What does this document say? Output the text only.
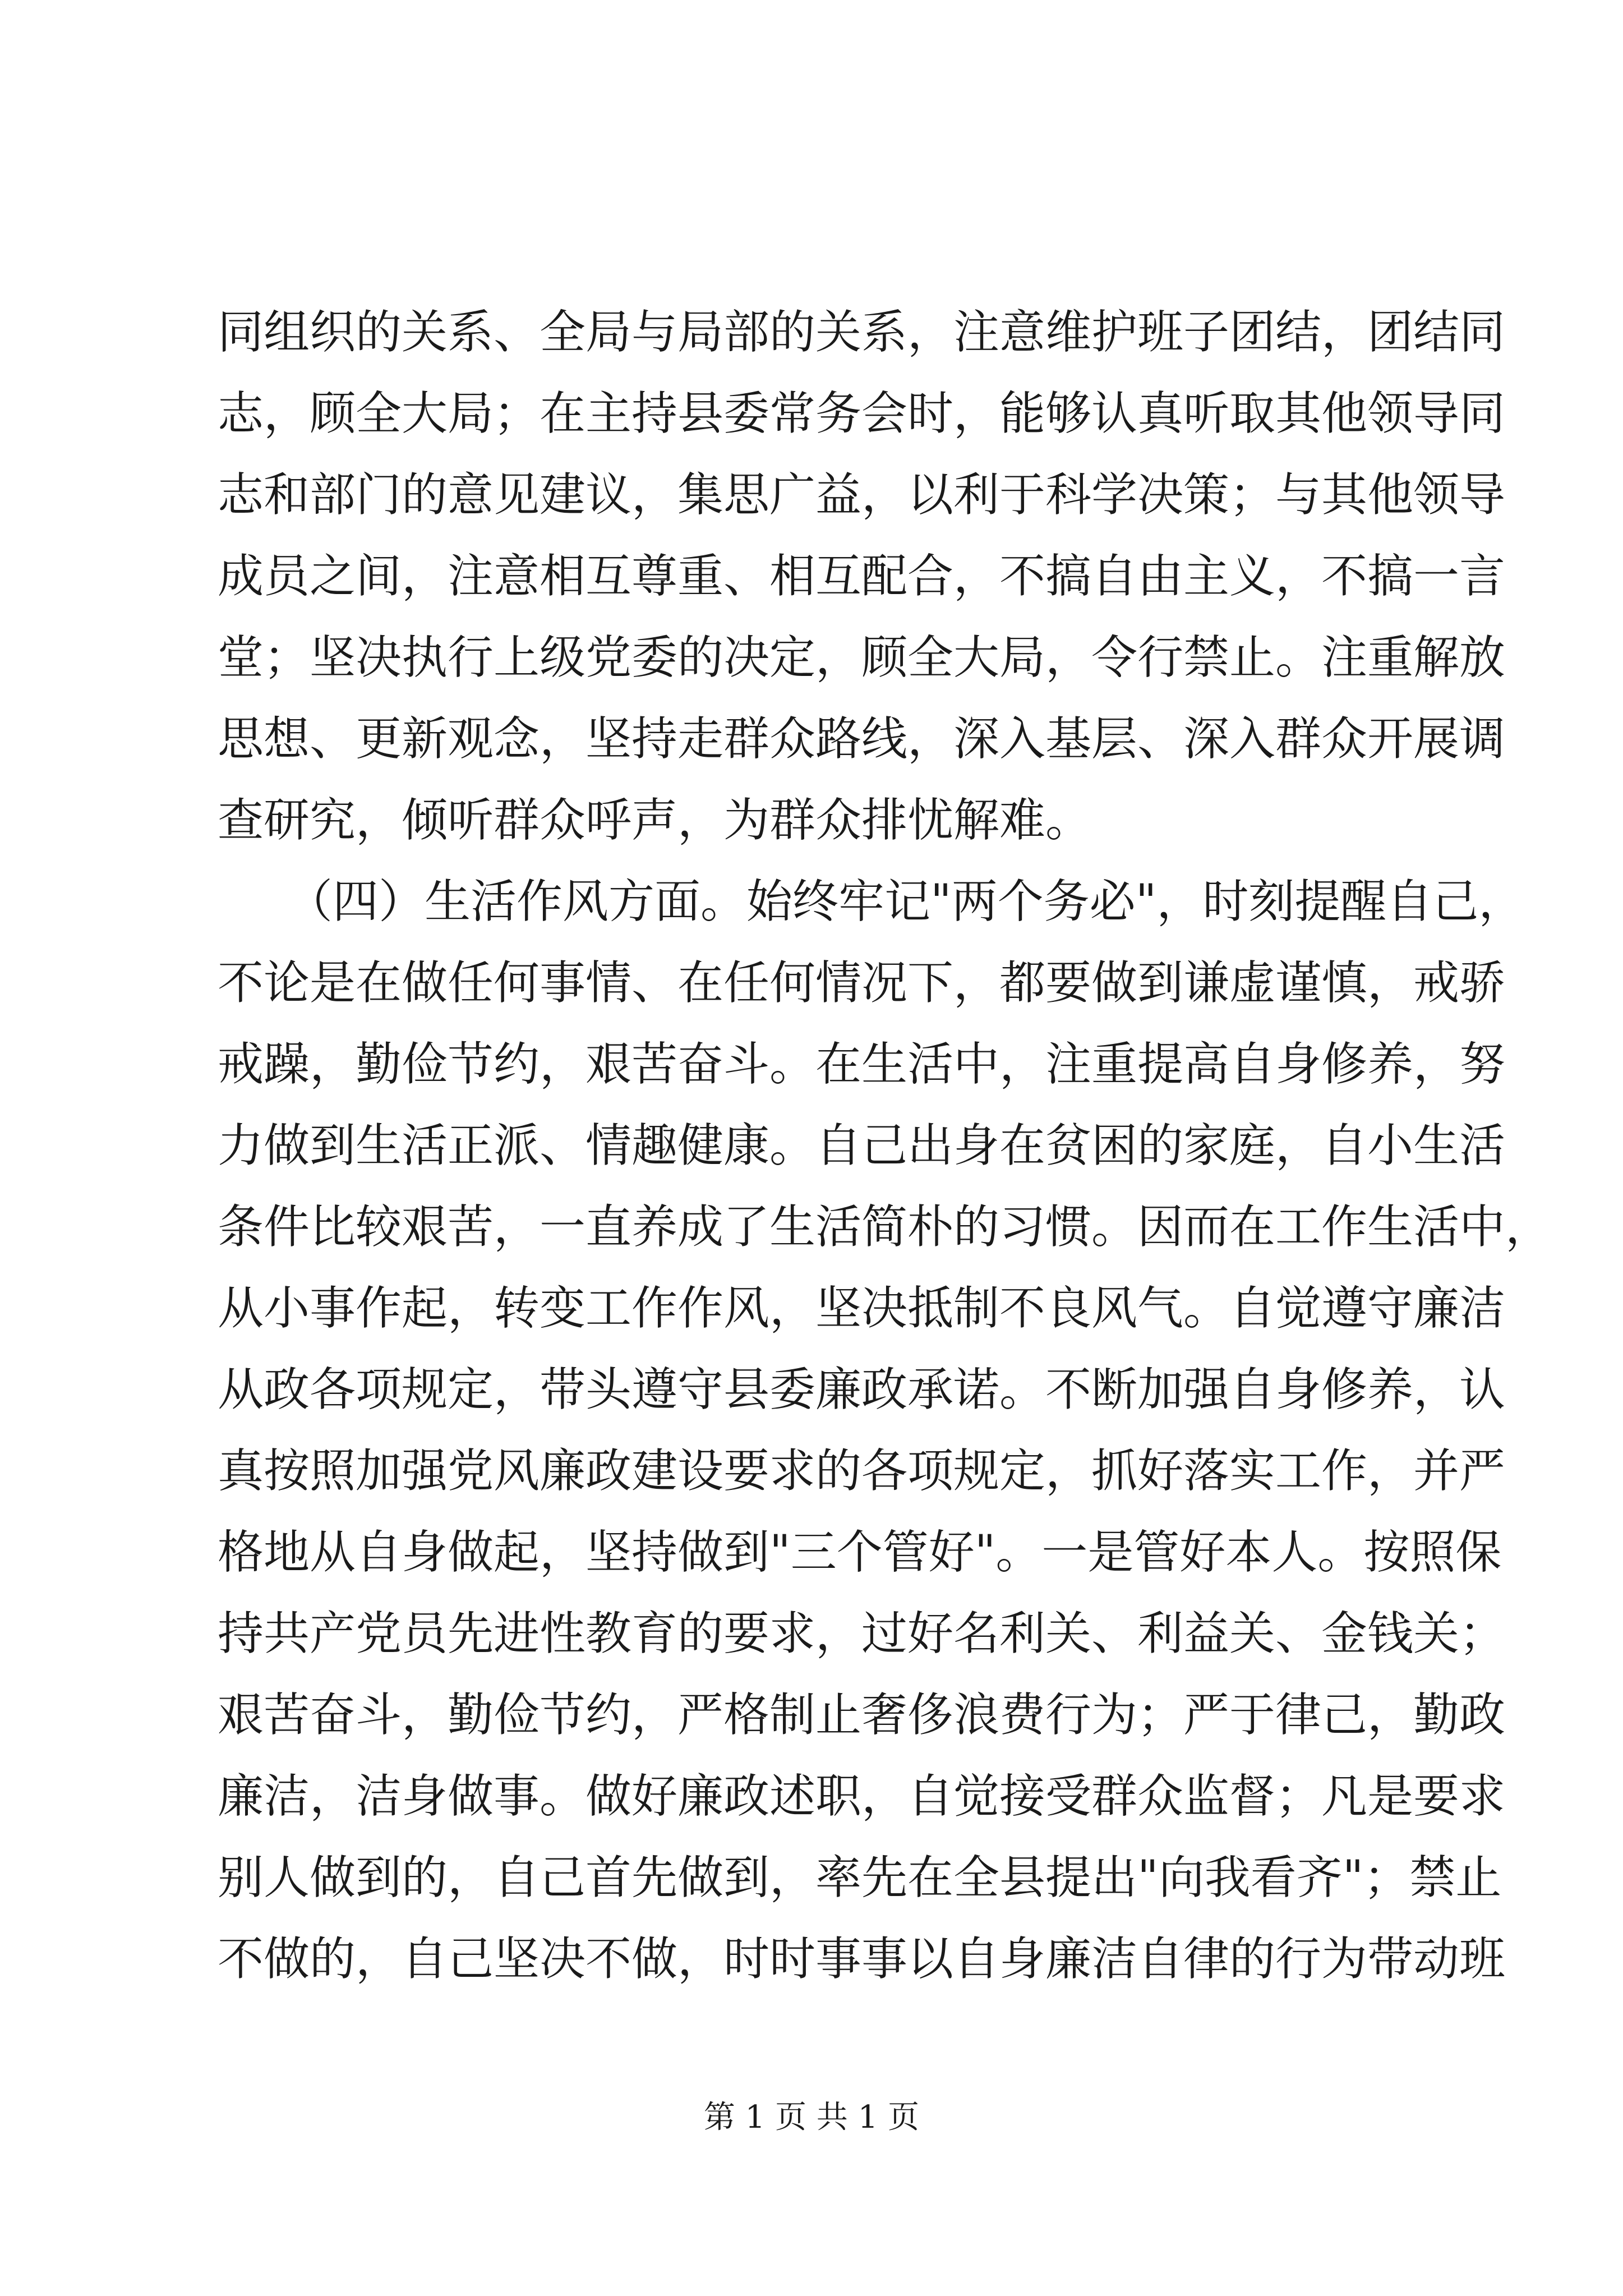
同组织的关系、全局与局部的关系，注意维护班子团结，团结同
志，顾全大局；在主持县委常务会时，能够认真听取其他领导同
志和部门的意见建议，集思广益，以利于科学决策；与其他领导
成员之间，注意相互尊重、相互配合，不搞自由主义，不搞一言
堂；坚决执行上级党委的决定，顾全大局，令行禁止。注重解放
思想、更新观念，坚持走群众路线，深入基层、深入群众开展调
查研究，倾听群众呼声，为群众排忧解难。
　　（四）生活作风方面。始终牢记"两个务必"，时刻提醒自己，
不论是在做任何事情、在任何情况下，都要做到谦虚谨慎，戒骄
戒躁，勤俭节约，艰苦奋斗。在生活中，注重提高自身修养，努
力做到生活正派、情趣健康。自己出身在贫困的家庭，自小生活
条件比较艰苦，一直养成了生活简朴的习惯。因而在工作生活中，
从小事作起，转变工作作风，坚决抵制不良风气。自觉遵守廉洁
从政各项规定，带头遵守县委廉政承诺。不断加强自身修养，认
真按照加强党风廉政建设要求的各项规定，抓好落实工作，并严
格地从自身做起，坚持做到"三个管好"。一是管好本人。按照保
持共产党员先进性教育的要求，过好名利关、利益关、金钱关；
艰苦奋斗，勤俭节约，严格制止奢侈浪费行为；严于律己，勤政
廉洁，洁身做事。做好廉政述职，自觉接受群众监督；凡是要求
别人做到的，自己首先做到，率先在全县提出"向我看齐"；禁止
不做的，自己坚决不做，时时事事以自身廉洁自律的行为带动班
第 1 页 共 1 页
